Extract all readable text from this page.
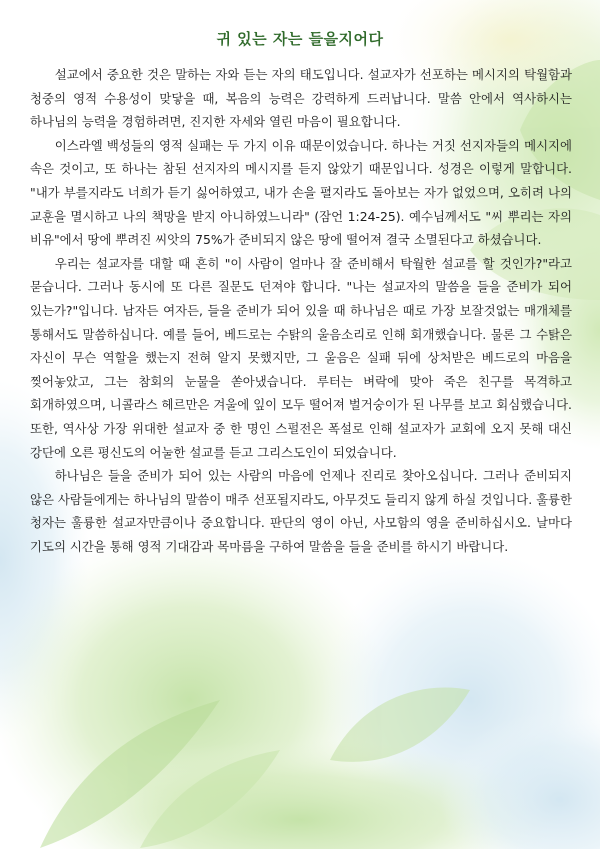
귀 있는 자는 들을지어다

설교에서 중요한 것은 말하는 자와 듣는 자의 태도입니다. 설교자가 선포하는 메시지의 탁월함과 청중의 영적 수용성이 맞닿을 때, 복음의 능력은 강력하게 드러납니다. 말씀 안에서 역사하시는 하나님의 능력을 경험하려면, 진지한 자세와 열린 마음이 필요합니다.

이스라엘 백성들의 영적 실패는 두 가지 이유 때문이었습니다. 하나는 거짓 선지자들의 메시지에 속은 것이고, 또 하나는 참된 선지자의 메시지를 듣지 않았기 때문입니다. 성경은 이렇게 말합니다. "내가 부를지라도 너희가 듣기 싫어하였고, 내가 손을 펼지라도 돌아보는 자가 없었으며, 오히려 나의 교훈을 멸시하고 나의 책망을 받지 아니하였느니라" (잠언 1:24-25). 예수님께서도 "씨 뿌리는 자의 비유"에서 땅에 뿌려진 씨앗의 75%가 준비되지 않은 땅에 떨어져 결국 소멸된다고 하셨습니다.

우리는 설교자를 대할 때 흔히 "이 사람이 얼마나 잘 준비해서 탁월한 설교를 할 것인가?"라고 묻습니다. 그러나 동시에 또 다른 질문도 던져야 합니다. "나는 설교자의 말씀을 들을 준비가 되어 있는가?"입니다. 남자든 여자든, 들을 준비가 되어 있을 때 하나님은 때로 가장 보잘것없는 매개체를 통해서도 말씀하십니다. 예를 들어, 베드로는 수탉의 울음소리로 인해 회개했습니다. 물론 그 수탉은 자신이 무슨 역할을 했는지 전혀 알지 못했지만, 그 울음은 실패 뒤에 상처받은 베드로의 마음을 찢어놓았고, 그는 참회의 눈물을 쏟아냈습니다. 루터는 벼락에 맞아 죽은 친구를 목격하고 회개하였으며, 니콜라스 헤르만은 겨울에 잎이 모두 떨어져 벌거숭이가 된 나무를 보고 회심했습니다. 또한, 역사상 가장 위대한 설교자 중 한 명인 스펄전은 폭설로 인해 설교자가 교회에 오지 못해 대신 강단에 오른 평신도의 어눌한 설교를 듣고 그리스도인이 되었습니다.

하나님은 들을 준비가 되어 있는 사람의 마음에 언제나 진리로 찾아오십니다. 그러나 준비되지 않은 사람들에게는 하나님의 말씀이 매주 선포될지라도, 아무것도 들리지 않게 하실 것입니다. 훌륭한 청자는 훌륭한 설교자만큼이나 중요합니다. 판단의 영이 아닌, 사모함의 영을 준비하십시오. 날마다 기도의 시간을 통해 영적 기대감과 목마름을 구하여 말씀을 들을 준비를 하시기 바랍니다.
